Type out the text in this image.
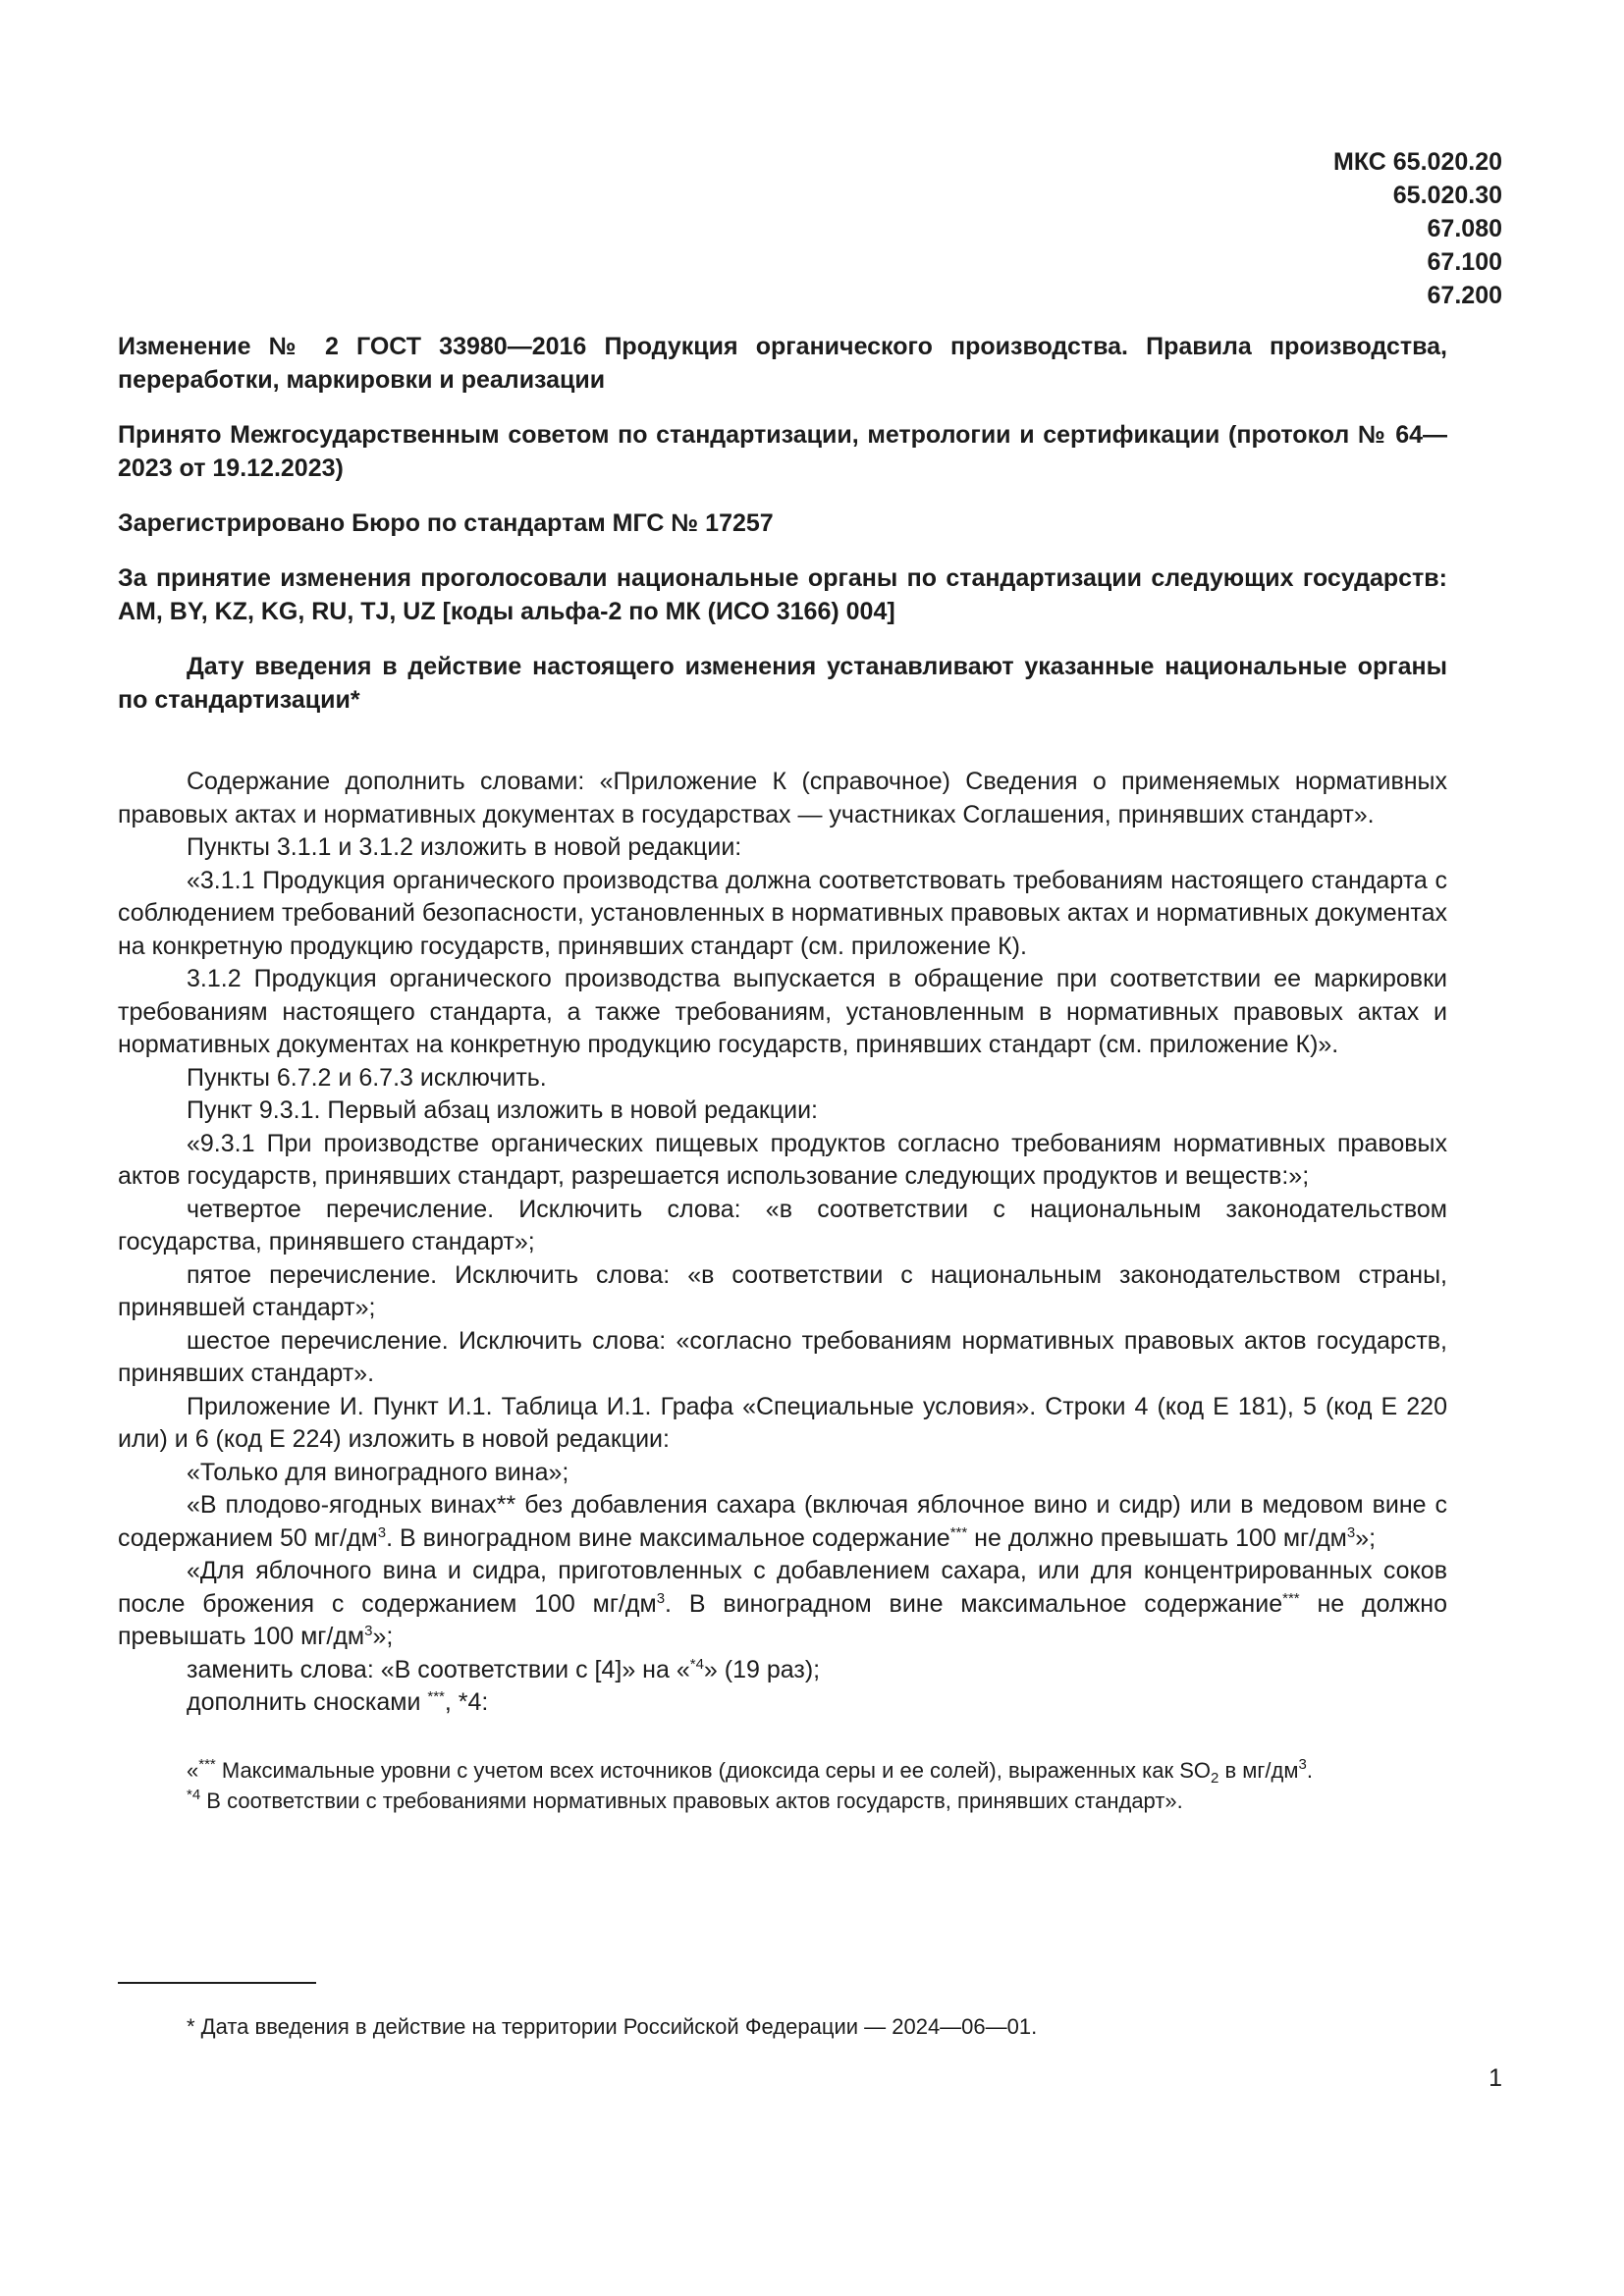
МКС 65.020.20
65.020.30
67.080
67.100
67.200

Изменение № 2 ГОСТ 33980—2016 Продукция органического производства. Правила производства, переработки, маркировки и реализации

Принято Межгосударственным советом по стандартизации, метрологии и сертификации (протокол № 64—2023 от 19.12.2023)

Зарегистрировано Бюро по стандартам МГС № 17257

За принятие изменения проголосовали национальные органы по стандартизации следующих государств: AM, BY, KZ, KG, RU, TJ, UZ [коды альфа-2 по МК (ИСО 3166) 004]

Дату введения в действие настоящего изменения устанавливают указанные национальные органы по стандартизации*

Содержание дополнить словами: «Приложение К (справочное) Сведения о применяемых нормативных правовых актах и нормативных документах в государствах — участниках Соглашения, принявших стандарт».

Пункты 3.1.1 и 3.1.2 изложить в новой редакции:

«3.1.1 Продукция органического производства должна соответствовать требованиям настоящего стандарта с соблюдением требований безопасности, установленных в нормативных правовых актах и нормативных документах на конкретную продукцию государств, принявших стандарт (см. приложение К).

3.1.2 Продукция органического производства выпускается в обращение при соответствии ее маркировки требованиям настоящего стандарта, а также требованиям, установленным в нормативных правовых актах и нормативных документах на конкретную продукцию государств, принявших стандарт (см. приложение К)».

Пункты 6.7.2 и 6.7.3 исключить.

Пункт 9.3.1. Первый абзац изложить в новой редакции:

«9.3.1 При производстве органических пищевых продуктов согласно требованиям нормативных правовых актов государств, принявших стандарт, разрешается использование следующих продуктов и веществ:»;

четвертое перечисление. Исключить слова: «в соответствии с национальным законодательством государства, принявшего стандарт»;

пятое перечисление. Исключить слова: «в соответствии с национальным законодательством страны, принявшей стандарт»;

шестое перечисление. Исключить слова: «согласно требованиям нормативных правовых актов государств, принявших стандарт».

Приложение И. Пункт И.1. Таблица И.1. Графа «Специальные условия». Строки 4 (код Е 181), 5 (код Е 220 или) и 6 (код Е 224) изложить в новой редакции:

«Только для виноградного вина»;

«В плодово-ягодных винах** без добавления сахара (включая яблочное вино и сидр) или в медовом вине с содержанием 50 $мг/дм^3$. В виноградном вине максимальное содержание*** не должно превышать 100 $мг/дм^3$»;

«Для яблочного вина и сидра, приготовленных с добавлением сахара, или для концентрированных соков после брожения с содержанием 100 $мг/дм^3$. В виноградном вине максимальное содержание*** не должно превышать 100 $мг/дм^3$»;

заменить слова: «В соответствии с [4]» на «$^{*4}$» (19 раз);

дополнить сносками ***, *4:

«*** Максимальные уровни с учетом всех источников (диоксида серы и ее солей), выраженных как $SO_2$ в $мг/дм^3$.

$^{*4}$ В соответствии с требованиями нормативных правовых актов государств, принявших стандарт».

* Дата введения в действие на территории Российской Федерации — 2024—06—01.
1
